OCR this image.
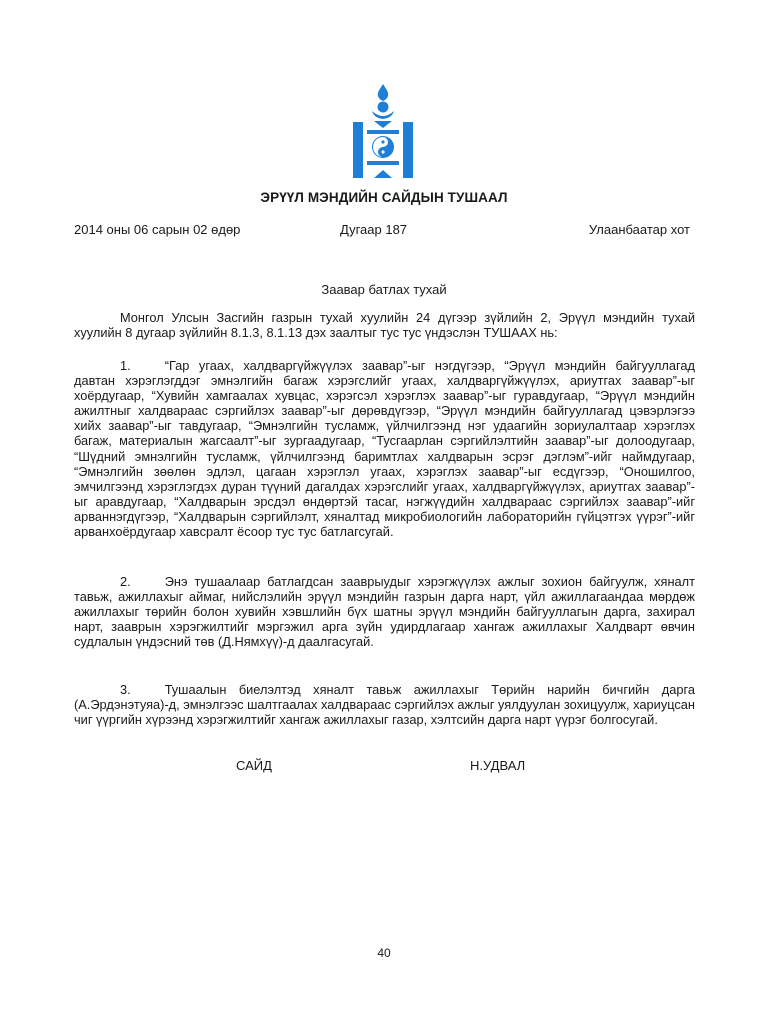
ЭРҮҮЛ МЭНДИЙН САЙДЫН ТУШААЛ
2014 оны 06 сарын 02 өдөр	Дугаар 187	Улаанбаатар хот
Заавар батлах тухай
Монгол Улсын Засгийн газрын тухай хуулийн 24 дүгээр зүйлийн 2, Эрүүл мэндийн тухай хуулийн 8 дугаар зүйлийн 8.1.3, 8.1.13 дэх заалтыг тус тус үндэслэн ТУШААХ нь:
1.	“Гар угаах, халдваргүйжүүлэх заавар”-ыг нэгдүгээр, “Эрүүл мэндийн байгууллагад давтан хэрэглэгддэг эмнэлгийн багаж хэрэгслийг угаах, халдваргүйжүүлэх, ариутгах заавар”-ыг хоёрдугаар, “Хувийн хамгаалах хувцас, хэрэгсэл хэрэглэх заавар”-ыг гуравдугаар, “Эрүүл мэндийн ажилтныг халдвараас сэргийлэх заавар”-ыг дөрөвдүгээр, “Эрүүл мэндийн байгууллагад цэвэрлэгээ хийх заавар”-ыг тавдугаар, “Эмнэлгийн тусламж, үйлчилгээнд нэг удаагийн зориулалтаар хэрэглэх багаж, материалын жагсаалт”-ыг зургаадугаар, “Тусгаарлан сэргийлэлтийн заавар”-ыг долоодугаар, “Шүдний эмнэлгийн тусламж, үйлчилгээнд баримтлах халдварын эсрэг дэглэм”-ийг наймдугаар, “Эмнэлгийн зөөлөн эдлэл, цагаан хэрэглэл угаах, хэрэглэх заавар”-ыг есдүгээр, “Оношилгоо, эмчилгээнд хэрэглэгдэх дуран түүний дагалдах хэрэгслийг угаах, халдваргүйжүүлэх, ариутгах заавар”-ыг аравдугаар, “Халдварын эрсдэл өндөртэй тасаг, нэгжүүдийн халдвараас сэргийлэх заавар”-ийг арваннэгдүгээр, “Халдварын сэргийлэлт, хяналтад микробиологийн лабораторийн гүйцэтгэх үүрэг”-ийг арванхоёрдугаар хавсралт ёсоор тус тус батлагсугай.
2.	Энэ тушаалаар батлагдсан зааврыудыг хэрэгжүүлэх ажлыг зохион байгуулж, хяналт тавьж, ажиллахыг аймаг, нийслэлийн эрүүл мэндийн газрын дарга нарт, үйл ажиллагаандаа мөрдөж ажиллахыг төрийн болон хувийн хэвшлийн бүх шатны эрүүл мэндийн байгууллагын дарга, захирал нарт, зааврын хэрэгжилтийг мэргэжил арга зүйн удирдлагаар хангаж ажиллахыг Халдварт өвчин судлалын үндэсний төв (Д.Нямхүү)-д даалгасугай.
3.	Тушаалын биелэлтэд хяналт тавьж ажиллахыг Төрийн нарийн бичгийн дарга (А.Эрдэнэтуяа)-д, эмнэлгээс шалтгаалах халдвараас сэргийлэх ажлыг уялдуулан зохицуулж, хариуцсан чиг үүргийн хүрээнд хэрэгжилтийг хангаж ажиллахыг газар, хэлтсийн дарга нарт үүрэг болгосугай.
САЙД	Н.УДВАЛ
40
